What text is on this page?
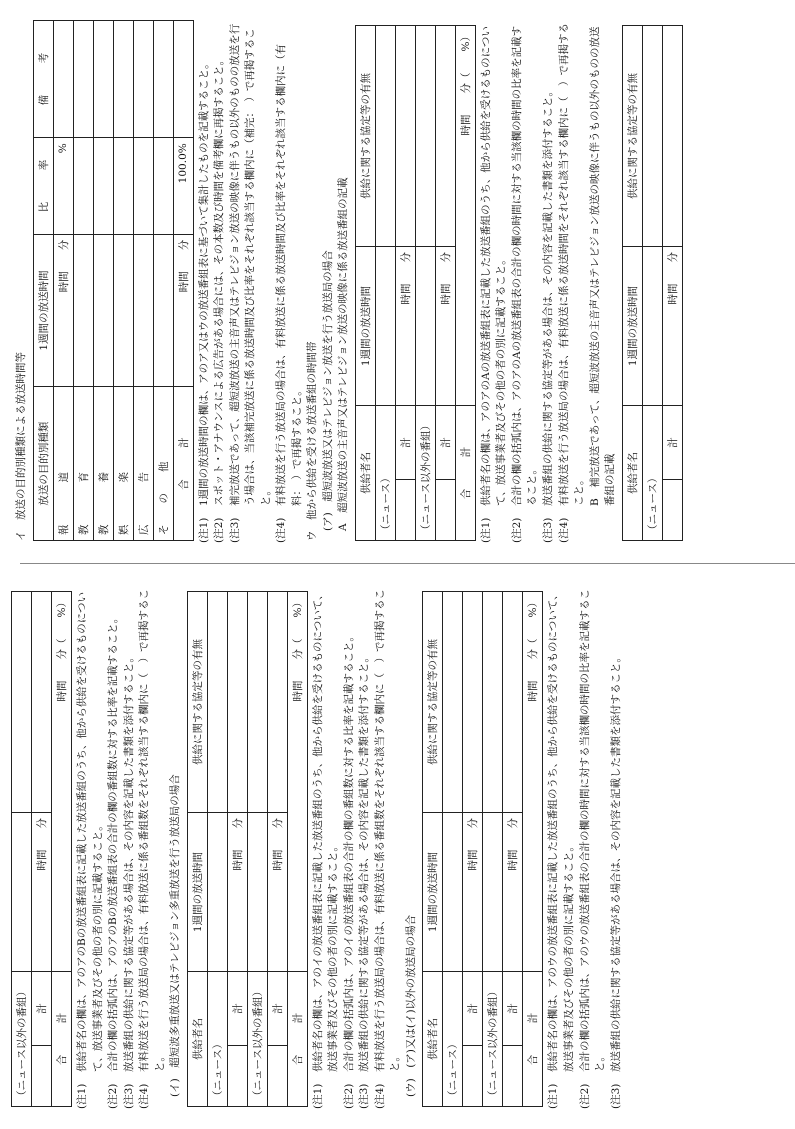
イ　放送の目的別種類による放送時間等 放送の目的別種類	1週間の放送時間	比　　　率	備　　　考
報　　　　道	時間　　分	%	
教　　　　育			
教　　　　養			
娯　　　　楽			
広　　　　告			
そ　　の　　他			
合　　　計	時間　　分	100.0%	

(注1)
1週間の放送時間の欄は、アのア又はウの放送番組表に基づいて集計したものを記載すること。

(注2)
スポット・アナウンスによる広告がある場合には、その本数及び時間を備考欄に再掲すること。

(注3)
補完放送であって、超短波放送の主音声又はテレビジョン放送の映像に伴うもの以外のものの放送を行う場合は、当該補完放送に係る放送時間及び比率をそれぞれ該当する欄内に（補完：　）で再掲すること。

(注4)
有料放送を行う放送局の場合は、有料放送に係る放送時間及び比率をそれぞれ該当する欄内に（有料：　）で再掲すること。 ウ　他から供給を受ける放送番組の時間帯 (ア)　超短波放送又はテレビジョン放送を行う放送局の場合 A　超短波放送の主音声又はテレビジョン放送の映像に係る放送番組の記載 供給者名		1週間の放送時間	供給に関する協定等の有無
（ニュース）			
	計	時間　　分	
（ニュース以外の番組）			
	計	時間　　分	
合　　　計		時間　　分（　　%）	

(注1)
供給者名の欄は、アのアのAの放送番組表に記載した放送番組のうち、他から供給を受けるものについて、放送事業者及びその他の者の別に記載すること。

(注2)
合計の欄の括弧内は、アのアのAの放送番組表の合計の欄の時間に対する当該欄の時間の比率を記載すること。

(注3)
放送番組の供給に関する協定等がある場合は、その内容を記載した書類を添付すること。

(注4)
有料放送を行う放送局の場合は、有料放送に係る放送時間をそれぞれ該当する欄内に（　）で再掲すること。 B　補完放送であって、超短波放送の主音声又はテレビジョン放送の映像に伴うもの以外のものの放送番組の記載 供給者名		1週間の放送時間	供給に関する協定等の有無
（ニュース）			
	計	時間　　分	
（ニュース以外の番組）			
	計	時間　　分	
合　　　計		時間　　分（　　%）	

(注1)
供給者名の欄は、アのアのBの放送番組表に記載した放送番組のうち、他から供給を受けるものについて、放送事業者及びその他の者の別に記載すること。

(注2)
合計の欄の括弧内は、アのアのBの放送番組表の合計の欄の番組数に対する比率を記載すること。

(注3)
放送番組の供給に関する協定等がある場合は、その内容を記載した書類を添付すること。

(注4)
有料放送を行う放送局の場合は、有料放送に係る番組数をそれぞれ該当する欄内に（　）で再掲すること。 (イ)　超短波多重放送又はテレビジョン多重放送を行う放送局の場合 供給者名		1週間の放送時間	供給に関する協定等の有無
（ニュース）			
	計	時間　　分	
（ニュース以外の番組）			
	計	時間　　分	
合　　　計		時間　　分（　　%）	

(注1)
供給者名の欄は、アのイの放送番組表に記載した放送番組のうち、他から供給を受けるものについて、放送事業者及びその他の者の別に記載すること。

(注2)
合計の欄の括弧内は、アのイの放送番組表の合計の欄の番組数に対する比率を記載すること。

(注3)
放送番組の供給に関する協定等がある場合は、その内容を記載した書類を添付すること。

(注4)
有料放送を行う放送局の場合は、有料放送に係る番組数をそれぞれ該当する欄内に（　）で再掲すること。 (ウ)　(ア)又は(イ)以外の放送局の場合 供給者名		1週間の放送時間	供給に関する協定等の有無
（ニュース）			
	計	時間　　分	
（ニュース以外の番組）			
	計	時間　　分	
合　　　計		時間　　分（　　%）	

(注1)
供給者名の欄は、アのウの放送番組表に記載した放送番組のうち、他から供給を受けるものについて、放送事業者及びその他の者の別に記載すること。

(注2)
合計の欄の括弧内は、アのウの放送番組表の合計の欄の時間に対する当該欄の時間の比率を記載すること。

(注3)
放送番組の供給に関する協定等がある場合は、その内容を記載した書類を添付すること。
